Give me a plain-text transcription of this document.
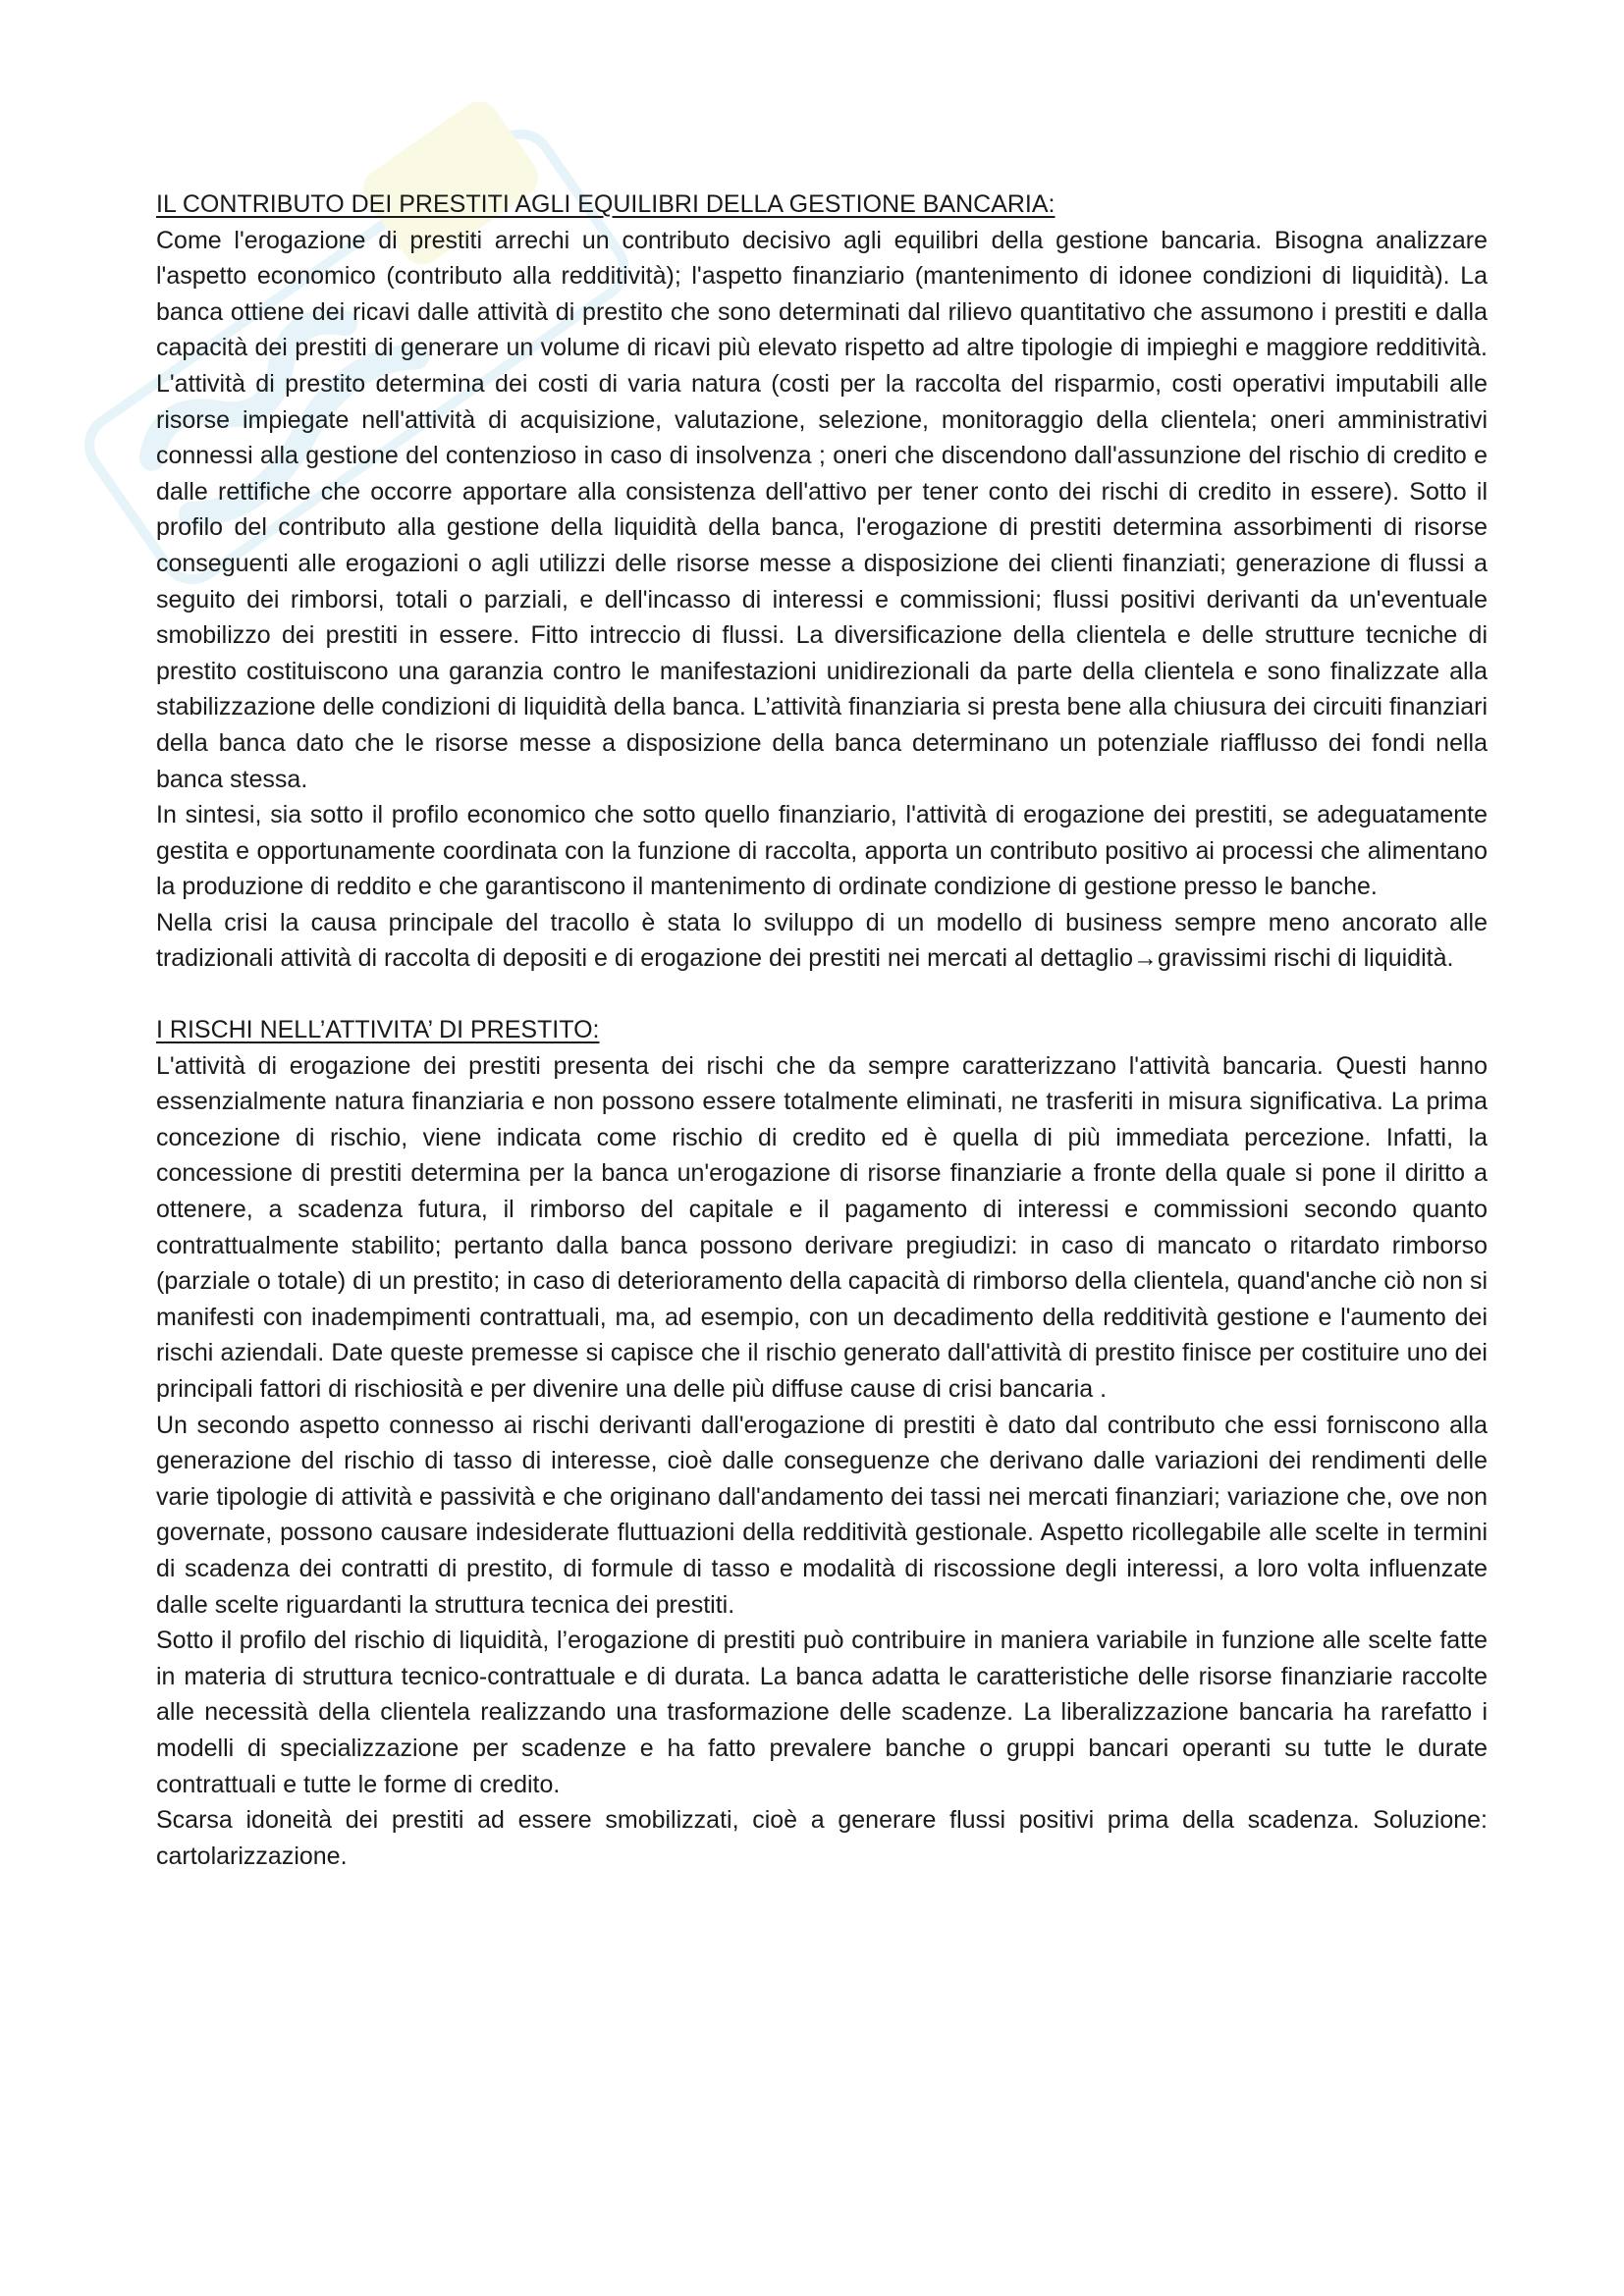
IL CONTRIBUTO DEI PRESTITI AGLI EQUILIBRI DELLA GESTIONE BANCARIA:

Come l'erogazione di prestiti arrechi un contributo decisivo agli equilibri della gestione bancaria. Bisogna analizzare l'aspetto economico (contributo alla redditività); l'aspetto finanziario (mantenimento di idonee condizioni di liquidità). La banca ottiene dei ricavi dalle attività di prestito che sono determinati dal rilievo quantitativo che assumono i prestiti e dalla capacità dei prestiti di generare un volume di ricavi più elevato rispetto ad altre tipologie di impieghi e maggiore redditività. L'attività di prestito determina dei costi di varia natura (costi per la raccolta del risparmio, costi operativi imputabili alle risorse impiegate nell'attività di acquisizione, valutazione, selezione, monitoraggio della clientela; oneri amministrativi connessi alla gestione del contenzioso in caso di insolvenza ; oneri che discendono dall'assunzione del rischio di credito e dalle rettifiche che occorre apportare alla consistenza dell'attivo per tener conto dei rischi di credito in essere). Sotto il profilo del contributo alla gestione della liquidità della banca, l'erogazione di prestiti determina assorbimenti di risorse conseguenti alle erogazioni o agli utilizzi delle risorse messe a disposizione dei clienti finanziati; generazione di flussi a seguito dei rimborsi, totali o parziali, e dell'incasso di interessi e commissioni; flussi positivi derivanti da un'eventuale smobilizzo dei prestiti in essere. Fitto intreccio di flussi. La diversificazione della clientela e delle strutture tecniche di prestito costituiscono una garanzia contro le manifestazioni unidirezionali da parte della clientela e sono finalizzate alla stabilizzazione delle condizioni di liquidità della banca. L’attività finanziaria si presta bene alla chiusura dei circuiti finanziari della banca dato che le risorse messe a disposizione della banca determinano un potenziale riafflusso dei fondi nella banca stessa.

In sintesi, sia sotto il profilo economico che sotto quello finanziario, l'attività di erogazione dei prestiti, se adeguatamente gestita e opportunamente coordinata con la funzione di raccolta, apporta un contributo positivo ai processi che alimentano la produzione di reddito e che garantiscono il mantenimento di ordinate condizione di gestione presso le banche.

Nella crisi la causa principale del tracollo è stata lo sviluppo di un modello di business sempre meno ancorato alle tradizionali attività di raccolta di depositi e di erogazione dei prestiti nei mercati al dettaglio→gravissimi rischi di liquidità.

I RISCHI NELL’ATTIVITA’ DI PRESTITO:

L'attività di erogazione dei prestiti presenta dei rischi che da sempre caratterizzano l'attività bancaria. Questi hanno essenzialmente natura finanziaria e non possono essere totalmente eliminati, ne trasferiti in misura significativa. La prima concezione di rischio, viene indicata come rischio di credito ed è quella di più immediata percezione. Infatti, la concessione di prestiti determina per la banca un'erogazione di risorse finanziarie a fronte della quale si pone il diritto a ottenere, a scadenza futura, il rimborso del capitale e il pagamento di interessi e commissioni secondo quanto contrattualmente stabilito; pertanto dalla banca possono derivare pregiudizi: in caso di mancato o ritardato rimborso (parziale o totale) di un prestito; in caso di deterioramento della capacità di rimborso della clientela, quand'anche ciò non si manifesti con inadempimenti contrattuali, ma, ad esempio, con un decadimento della redditività gestione e l'aumento dei rischi aziendali. Date queste premesse si capisce che il rischio generato dall'attività di prestito finisce per costituire uno dei principali fattori di rischiosità e per divenire una delle più diffuse cause di crisi bancaria .

Un secondo aspetto connesso ai rischi derivanti dall'erogazione di prestiti è dato dal contributo che essi forniscono alla generazione del rischio di tasso di interesse, cioè dalle conseguenze che derivano dalle variazioni dei rendimenti delle varie tipologie di attività e passività e che originano dall'andamento dei tassi nei mercati finanziari; variazione che, ove non governate, possono causare indesiderate fluttuazioni della redditività gestionale. Aspetto ricollegabile alle scelte in termini di scadenza dei contratti di prestito, di formule di tasso e modalità di riscossione degli interessi, a loro volta influenzate dalle scelte riguardanti la struttura tecnica dei prestiti.

Sotto il profilo del rischio di liquidità, l’erogazione di prestiti può contribuire in maniera variabile in funzione alle scelte fatte in materia di struttura tecnico-contrattuale e di durata. La banca adatta le caratteristiche delle risorse finanziarie raccolte alle necessità della clientela realizzando una trasformazione delle scadenze. La liberalizzazione bancaria ha rarefatto i modelli di specializzazione per scadenze e ha fatto prevalere banche o gruppi bancari operanti su tutte le durate contrattuali e tutte le forme di credito.

Scarsa idoneità dei prestiti ad essere smobilizzati, cioè a generare flussi positivi prima della scadenza. Soluzione: cartolarizzazione.
